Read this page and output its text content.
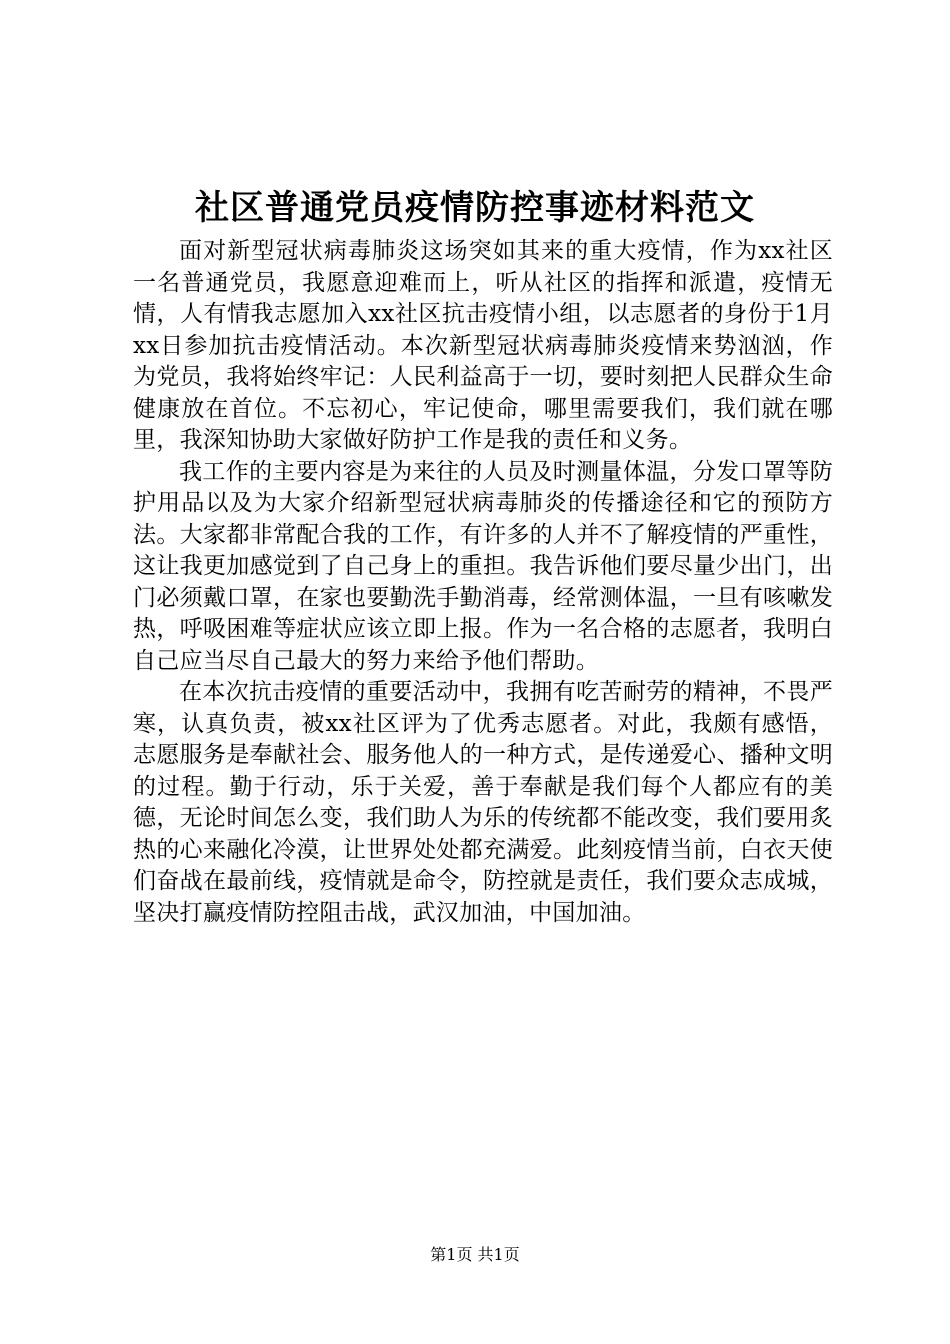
社区普通党员疫情防控事迹材料范文

面对新型冠状病毒肺炎这场突如其来的重大疫情，作为xx社区一名普通党员，我愿意迎难而上，听从社区的指挥和派遣，疫情无情，人有情我志愿加入xx社区抗击疫情小组，以志愿者的身份于1月xx日参加抗击疫情活动。本次新型冠状病毒肺炎疫情来势汹汹，作为党员，我将始终牢记：人民利益高于一切，要时刻把人民群众生命健康放在首位。不忘初心，牢记使命，哪里需要我们，我们就在哪里，我深知协助大家做好防护工作是我的责任和义务。

我工作的主要内容是为来往的人员及时测量体温，分发口罩等防护用品以及为大家介绍新型冠状病毒肺炎的传播途径和它的预防方法。大家都非常配合我的工作，有许多的人并不了解疫情的严重性，这让我更加感觉到了自己身上的重担。我告诉他们要尽量少出门，出门必须戴口罩，在家也要勤洗手勤消毒，经常测体温，一旦有咳嗽发热，呼吸困难等症状应该立即上报。作为一名合格的志愿者，我明白自己应当尽自己最大的努力来给予他们帮助。

在本次抗击疫情的重要活动中，我拥有吃苦耐劳的精神，不畏严寒，认真负责，被xx社区评为了优秀志愿者。对此，我颇有感悟，志愿服务是奉献社会、服务他人的一种方式，是传递爱心、播种文明的过程。勤于行动，乐于关爱，善于奉献是我们每个人都应有的美德，无论时间怎么变，我们助人为乐的传统都不能改变，我们要用炙热的心来融化冷漠，让世界处处都充满爱。此刻疫情当前，白衣天使们奋战在最前线，疫情就是命令，防控就是责任，我们要众志成城，坚决打赢疫情防控阻击战，武汉加油，中国加油。

第1页 共1页
